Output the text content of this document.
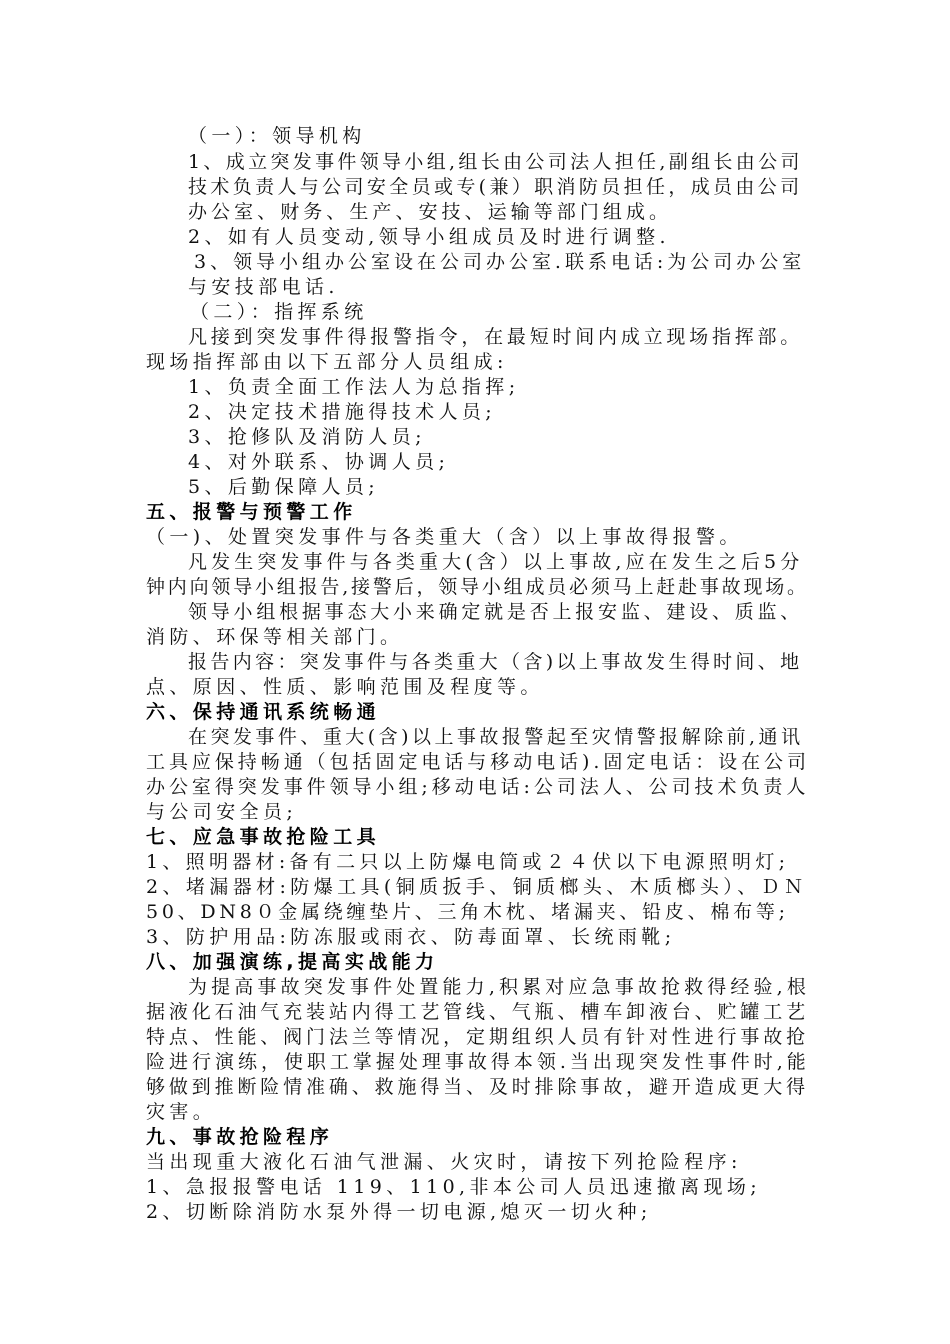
（一）：领导机构
1、成立突发事件领导小组,组长由公司法人担任,副组长由公司
技术负责人与公司安全员或专(兼）职消防员担任，成员由公司
办公室、财务、生产、安技、运输等部门组成。
2、如有人员变动,领导小组成员及时进行调整.
3、领导小组办公室设在公司办公室.联系电话:为公司办公室
与安技部电话.
（二）：指挥系统
凡接到突发事件得报警指令，在最短时间内成立现场指挥部。
现场指挥部由以下五部分人员组成:
1、负责全面工作法人为总指挥;
2、决定技术措施得技术人员;
3、抢修队及消防人员;
4、对外联系、协调人员;
5、后勤保障人员;
五、报警与预警工作
（一)、处置突发事件与各类重大（含）以上事故得报警。
凡发生突发事件与各类重大(含）以上事故,应在发生之后5分
钟内向领导小组报告,接警后，领导小组成员必须马上赶赴事故现场。
领导小组根据事态大小来确定就是否上报安监、建设、质监、
消防、环保等相关部门。
报告内容：突发事件与各类重大（含)以上事故发生得时间、地
点、原因、性质、影响范围及程度等。
六、保持通讯系统畅通
在突发事件、重大(含)以上事故报警起至灾情警报解除前,通讯
工具应保持畅通（包括固定电话与移动电话).固定电话：设在公司
办公室得突发事件领导小组;移动电话:公司法人、公司技术负责人
与公司安全员;
七、应急事故抢险工具
1、照明器材:备有二只以上防爆电筒或２４伏以下电源照明灯;
2、堵漏器材:防爆工具(铜质扳手、铜质榔头、木质榔头）、ＤＮ
50、DN8０金属绕缠垫片、三角木枕、堵漏夹、铅皮、棉布等;
3、防护用品:防冻服或雨衣、防毒面罩、长统雨靴;
八、加强演练,提高实战能力
为提高事故突发事件处置能力,积累对应急事故抢救得经验,根
据液化石油气充装站内得工艺管线、气瓶、槽车卸液台、贮罐工艺
特点、性能、阀门法兰等情况，定期组织人员有针对性进行事故抢
险进行演练，使职工掌握处理事故得本领.当出现突发性事件时,能
够做到推断险情准确、救施得当、及时排除事故，避开造成更大得
灾害。
九、事故抢险程序
当出现重大液化石油气泄漏、火灾时，请按下列抢险程序:
1、急报报警电话 119、110,非本公司人员迅速撤离现场;
2、切断除消防水泵外得一切电源,熄灭一切火种;
